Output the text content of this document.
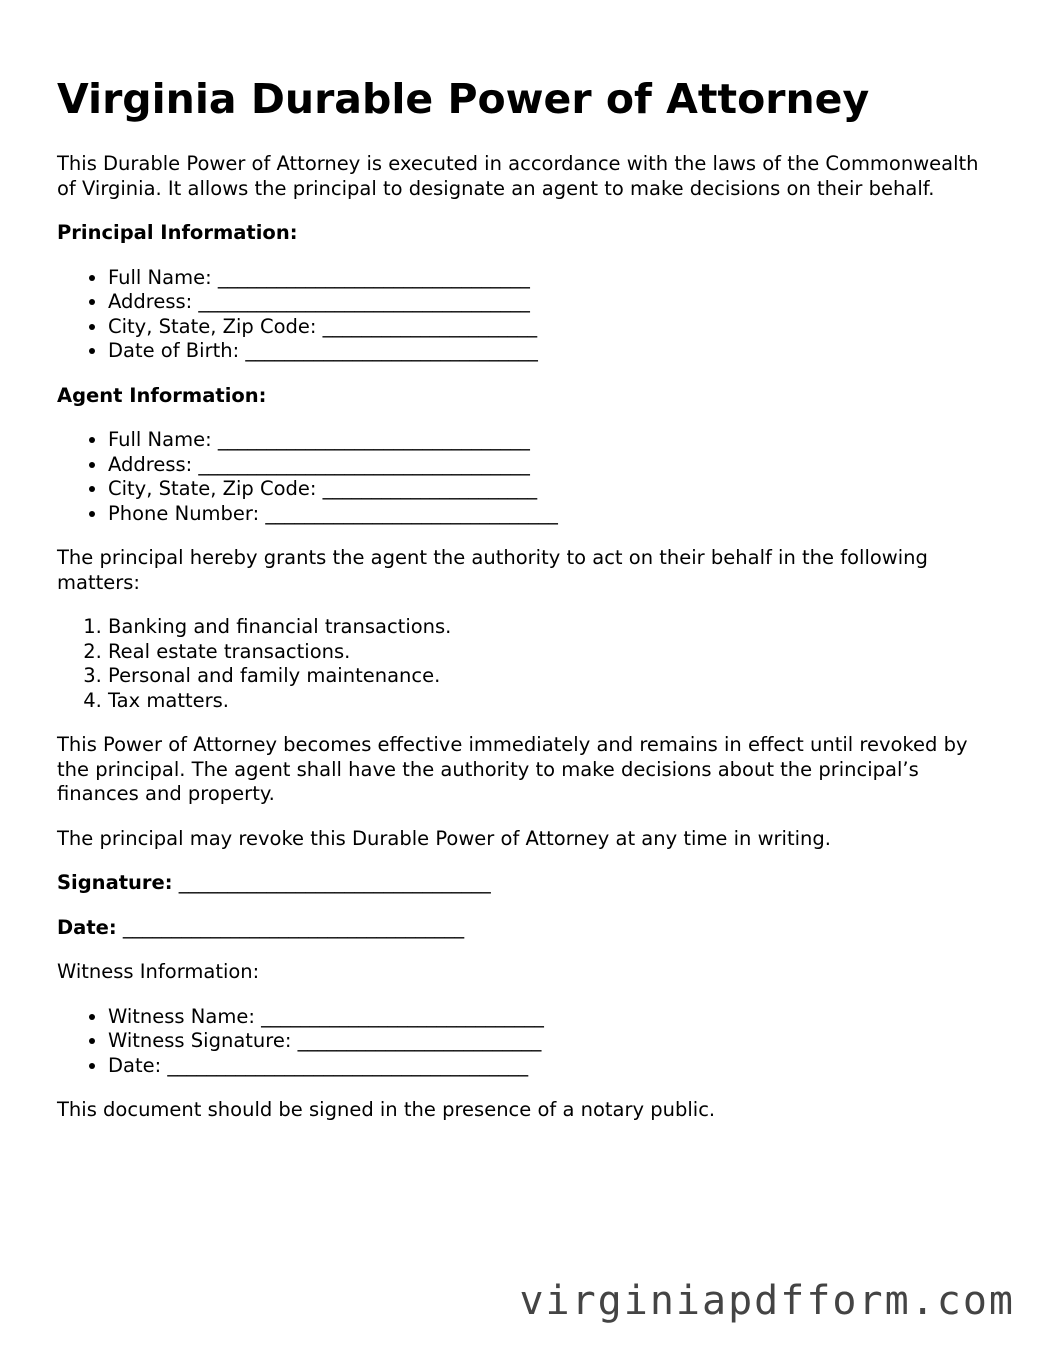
Virginia Durable Power of Attorney

This Durable Power of Attorney is executed in accordance with the laws of the Commonwealth of Virginia. It allows the principal to designate an agent to make decisions on their behalf.

Principal Information:

• Full Name: ________________________________
• Address: __________________________________
• City, State, Zip Code: ______________________
• Date of Birth: ______________________________

Agent Information:

• Full Name: ________________________________
• Address: __________________________________
• City, State, Zip Code: ______________________
• Phone Number: ______________________________

The principal hereby grants the agent the authority to act on their behalf in the following matters:

1. Banking and financial transactions.
2. Real estate transactions.
3. Personal and family maintenance.
4. Tax matters.

This Power of Attorney becomes effective immediately and remains in effect until revoked by the principal. The agent shall have the authority to make decisions about the principal’s finances and property.

The principal may revoke this Durable Power of Attorney at any time in writing.

Signature: ________________________________

Date: ___________________________________

Witness Information:

• Witness Name: _____________________________
• Witness Signature: _________________________
• Date: _____________________________________

This document should be signed in the presence of a notary public.

virginiapdfform.com
